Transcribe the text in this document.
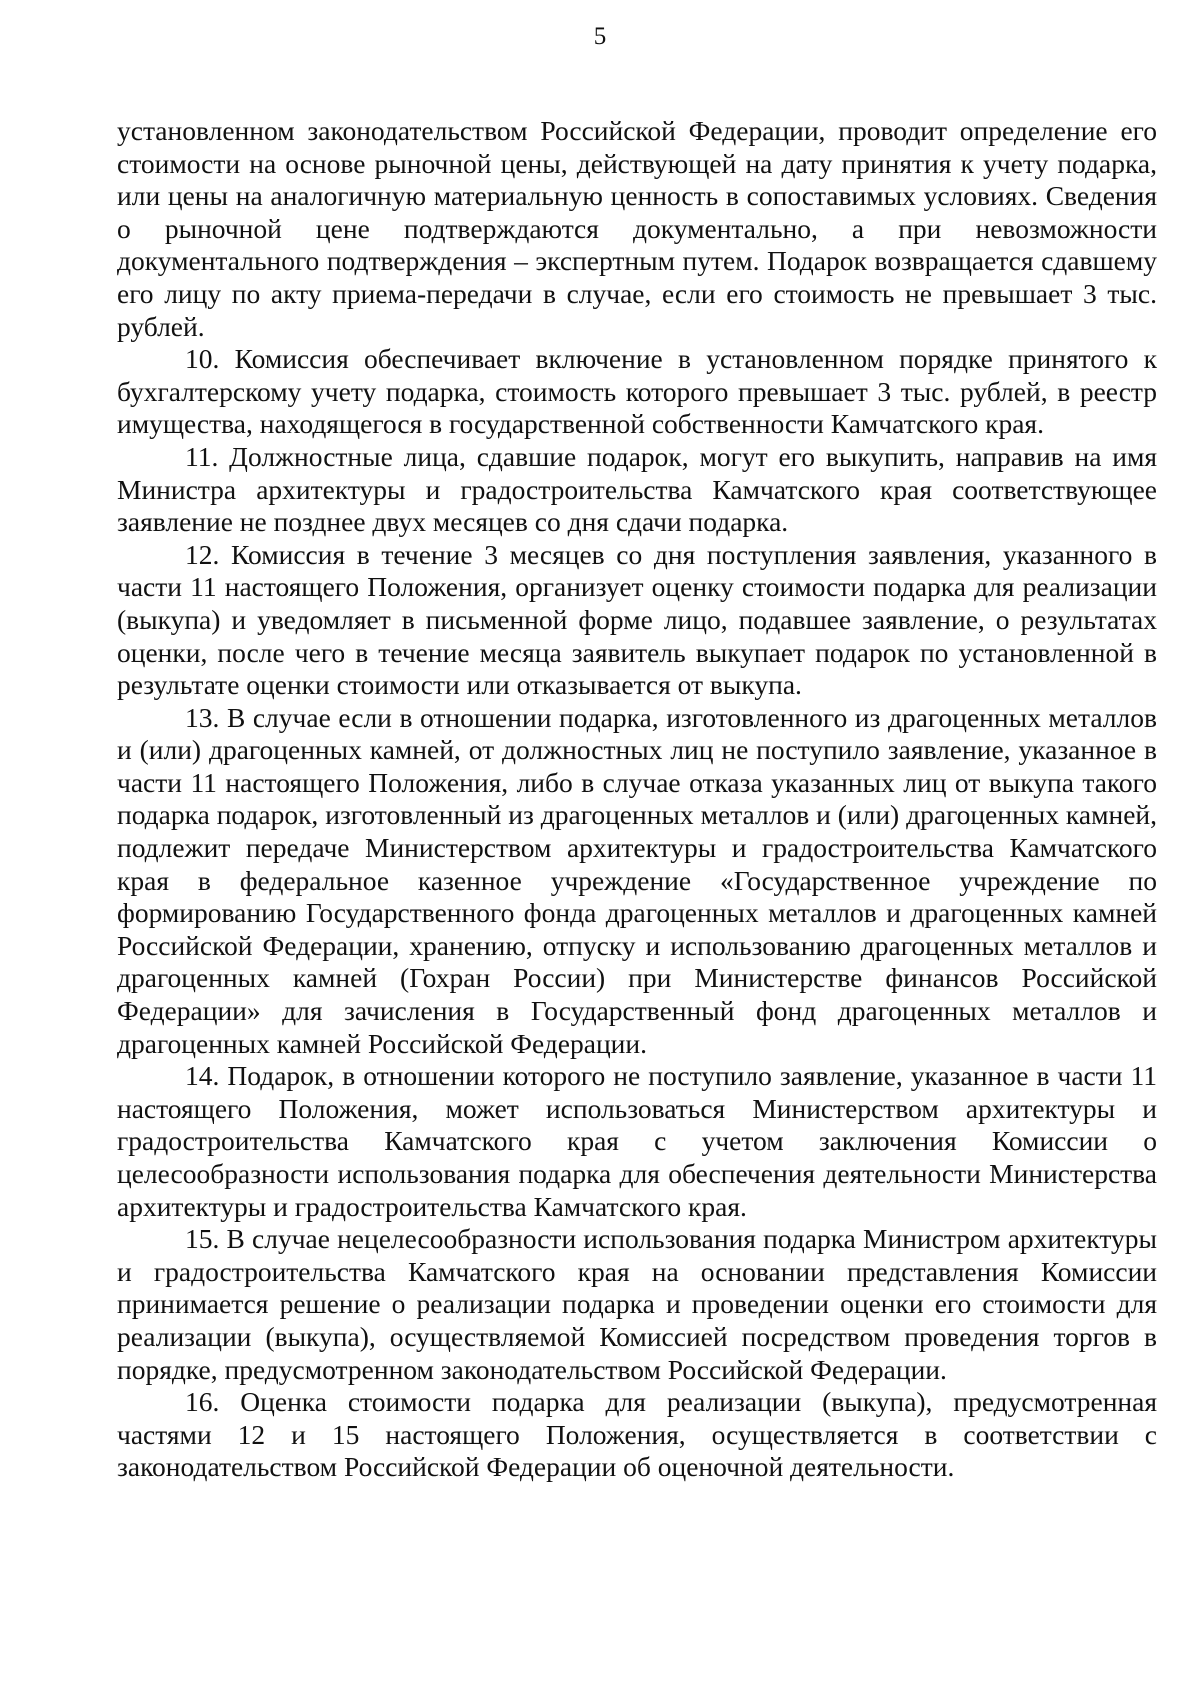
5

установленном законодательством Российской Федерации, проводит определение его стоимости на основе рыночной цены, действующей на дату принятия к учету подарка, или цены на аналогичную материальную ценность в сопоставимых условиях. Сведения о рыночной цене подтверждаются документально, а при невозможности документального подтверждения – экспертным путем. Подарок возвращается сдавшему его лицу по акту приема-передачи в случае, если его стоимость не превышает 3 тыс. рублей.

10. Комиссия обеспечивает включение в установленном порядке принятого к бухгалтерскому учету подарка, стоимость которого превышает 3 тыс. рублей, в реестр имущества, находящегося в государственной собственности Камчатского края.

11. Должностные лица, сдавшие подарок, могут его выкупить, направив на имя Министра архитектуры и градостроительства Камчатского края соответствующее заявление не позднее двух месяцев со дня сдачи подарка.

12. Комиссия в течение 3 месяцев со дня поступления заявления, указанного в части 11 настоящего Положения, организует оценку стоимости подарка для реализации (выкупа) и уведомляет в письменной форме лицо, подавшее заявление, о результатах оценки, после чего в течение месяца заявитель выкупает подарок по установленной в результате оценки стоимости или отказывается от выкупа.

13. В случае если в отношении подарка, изготовленного из драгоценных металлов и (или) драгоценных камней, от должностных лиц не поступило заявление, указанное в части 11 настоящего Положения, либо в случае отказа указанных лиц от выкупа такого подарка подарок, изготовленный из драгоценных металлов и (или) драгоценных камней, подлежит передаче Министерством архитектуры и градостроительства Камчатского края в федеральное казенное учреждение «Государственное учреждение по формированию Государственного фонда драгоценных металлов и драгоценных камней Российской Федерации, хранению, отпуску и использованию драгоценных металлов и драгоценных камней (Гохран России) при Министерстве финансов Российской Федерации» для зачисления в Государственный фонд драгоценных металлов и драгоценных камней Российской Федерации.

14. Подарок, в отношении которого не поступило заявление, указанное в части 11 настоящего Положения, может использоваться Министерством архитектуры и градостроительства Камчатского края с учетом заключения Комиссии о целесообразности использования подарка для обеспечения деятельности Министерства архитектуры и градостроительства Камчатского края.

15. В случае нецелесообразности использования подарка Министром архитектуры и градостроительства Камчатского края на основании представления Комиссии принимается решение о реализации подарка и проведении оценки его стоимости для реализации (выкупа), осуществляемой Комиссией посредством проведения торгов в порядке, предусмотренном законодательством Российской Федерации.

16. Оценка стоимости подарка для реализации (выкупа), предусмотренная частями 12 и 15 настоящего Положения, осуществляется в соответствии с законодательством Российской Федерации об оценочной деятельности.
